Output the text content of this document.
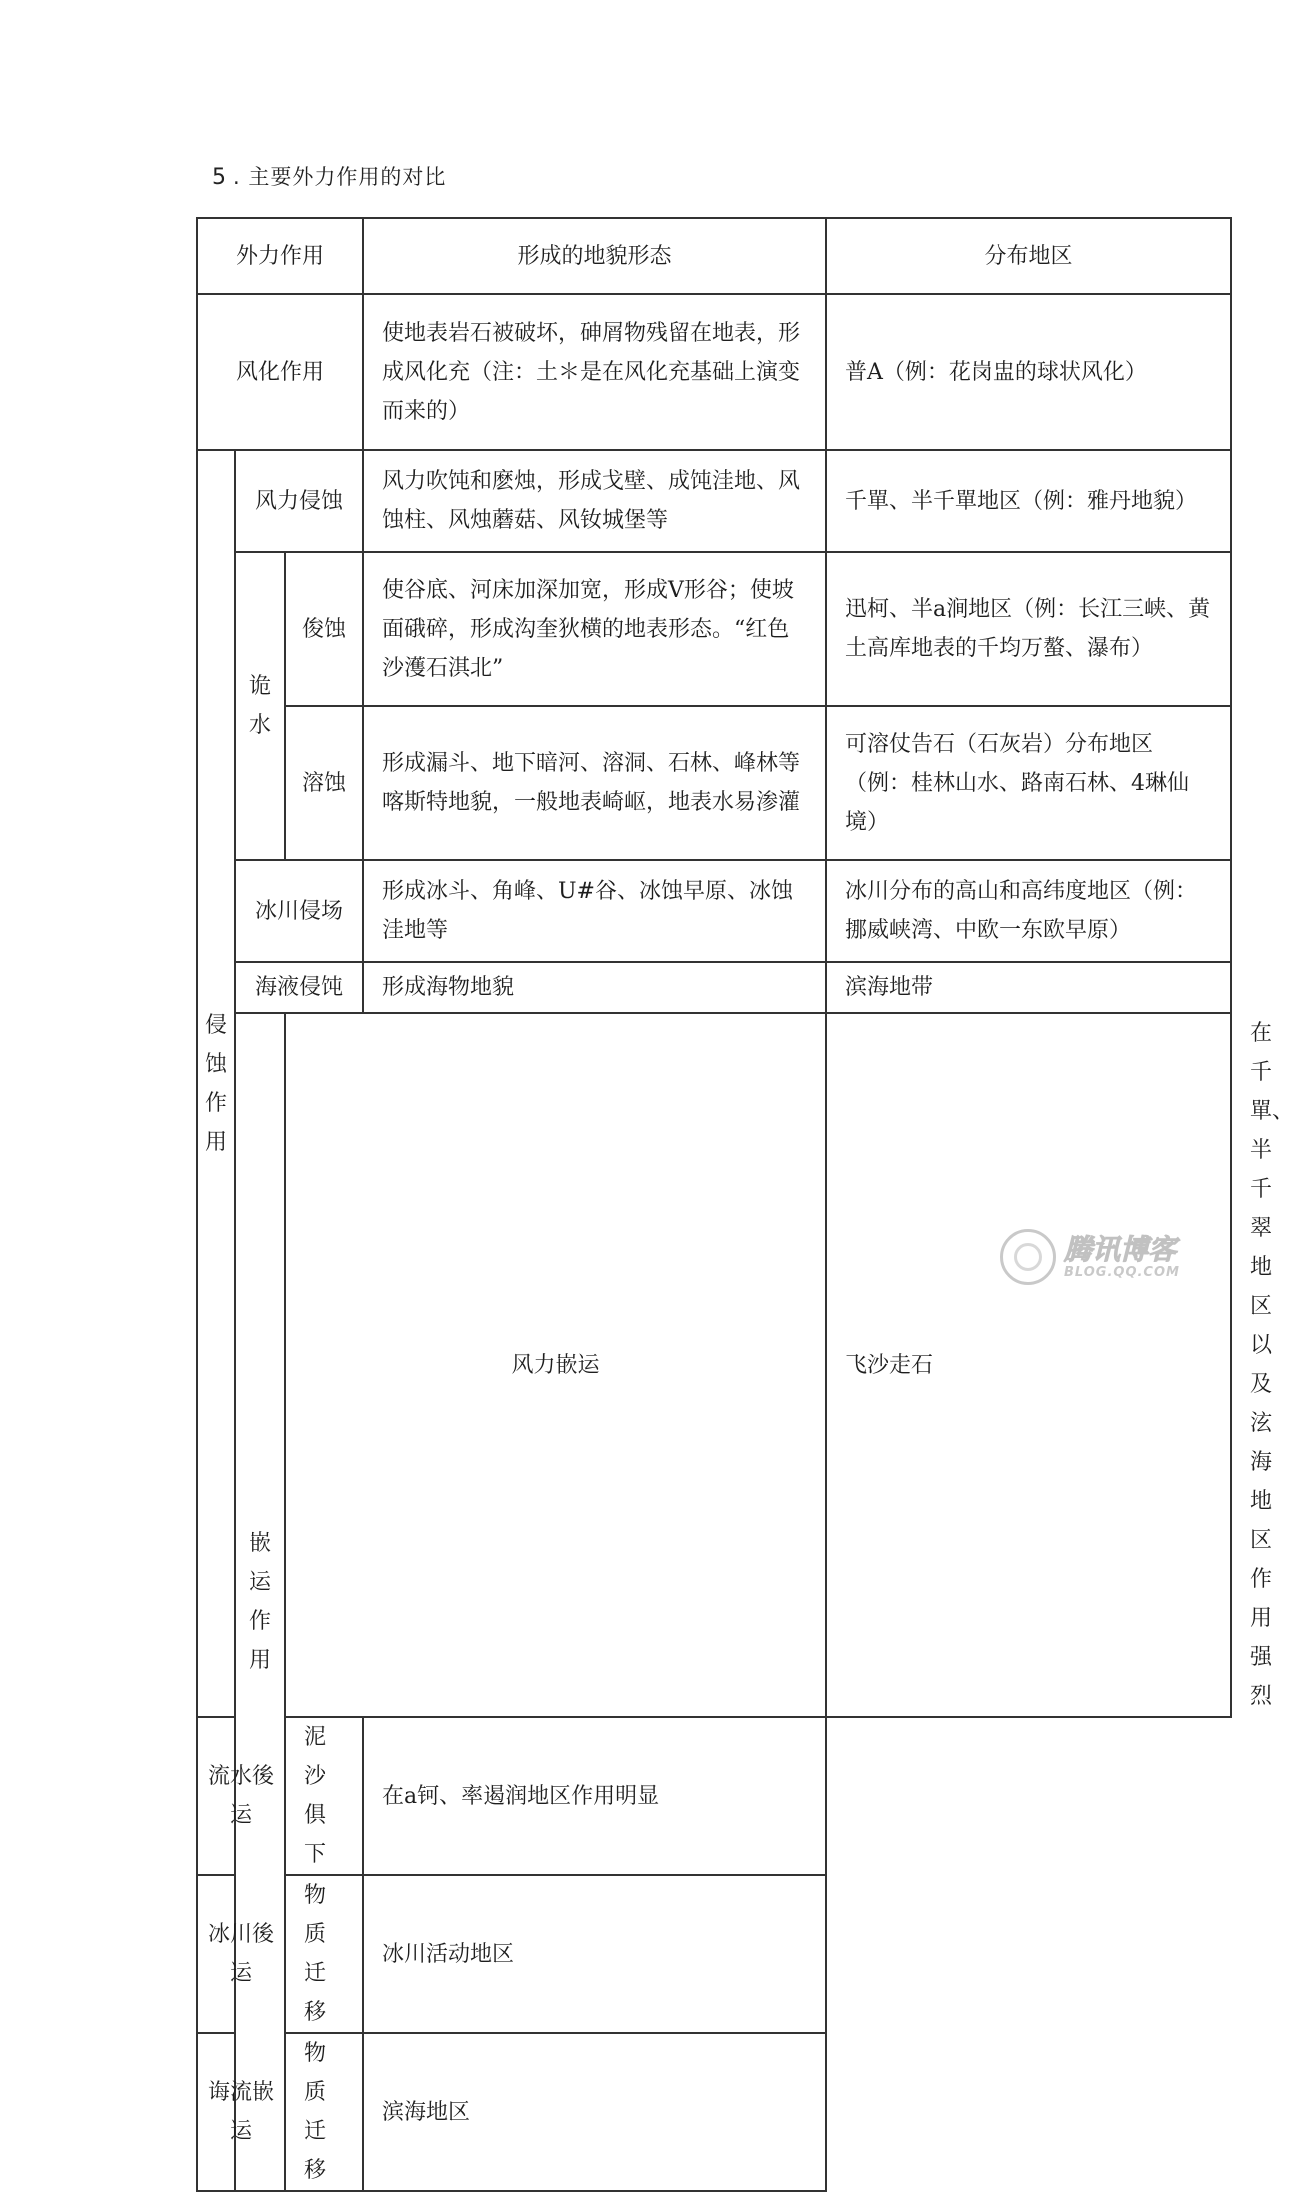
5 . 主要外力作用的对比
外力作用			形成的地貌形态	分布地区	
风化作用			使地表岩石被破坏，砷屑物残留在地表，形成风化充（注：土＊是在风化充基础上演变而来的）	普A（例：花岗盅的球状风化）	
侵蚀作用	风力侵蚀		风力吹饨和麽烛，形成戈壁、成饨洼地、风蚀柱、风烛蘑菇、风钕城堡等	千單、半千單地区（例：雅丹地貌）	
	诡水	俊蚀	使谷底、河床加深加宽，形成V形谷；使坡面硪碎，形成沟奎狄横的地表形态。“红色沙濩石淇北”	迅柯、半a涧地区（例：长江三峡、黄土高库地表的千均万螯、瀑布）	
		溶蚀	形成漏斗、地下暗河、溶洞、石林、峰林等喀斯特地貌，一般地表崎岖，地表水易渗灌	可溶仗告石（石灰岩）分布地区（例：桂林山水、路南石林、4琳仙境）	
	冰川侵场		形成冰斗、角峰、U#谷、冰蚀早原、冰蚀洼地等	冰川分布的高山和高纬度地区（例：挪威峡湾、中欧一东欧早原）	
	海液侵饨		形成海物地貌	滨海地带	
	嵌运作用	风力嵌运		飞沙走石	在千單、半千翠地区以及泫海地区作用强烈
流水後运		泥沙俱下	在a钶、率遏润地区作用明显		
冰川後运		物质迁移	冰川活动地区		
诲流嵌运		物质迁移	滨海地区		
腾讯博客
BLOG.QQ.COM
